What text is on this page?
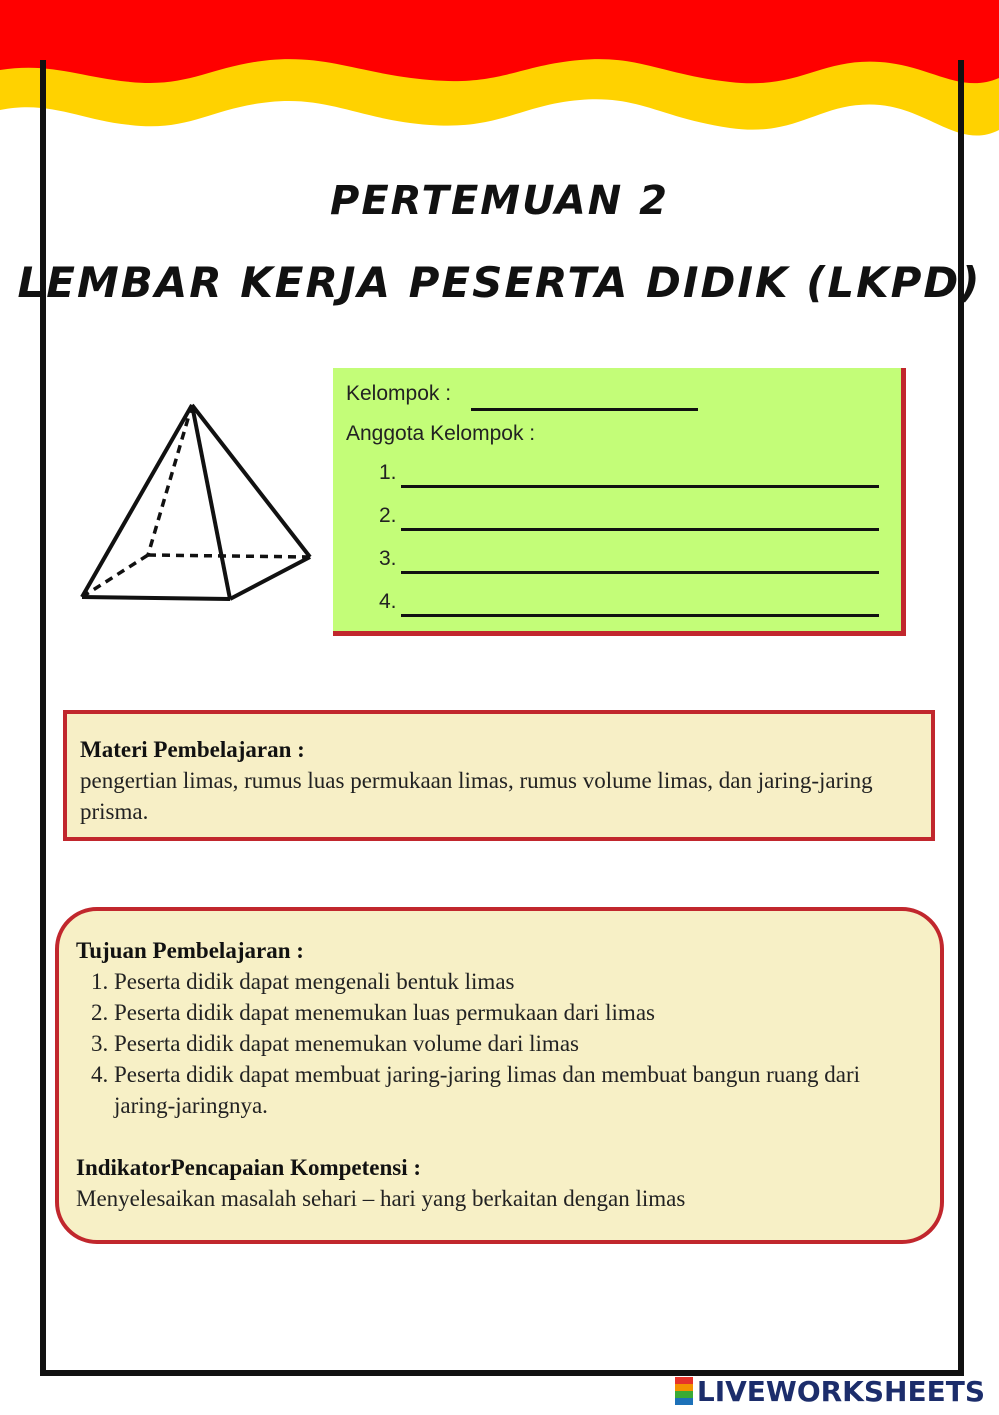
PERTEMUAN 2
LEMBAR KERJA PESERTA DIDIK (LKPD)
Kelompok :
Anggota Kelompok :
1.
2.
3.
4.
Materi Pembelajaran :
pengertian limas, rumus luas permukaan limas, rumus volume limas, dan jaring-jaring prisma.
Tujuan Pembelajaran :
1. Peserta didik dapat mengenali bentuk limas
2. Peserta didik dapat menemukan luas permukaan dari limas
3. Peserta didik dapat menemukan volume dari limas
4. Peserta didik dapat membuat jaring-jaring limas dan membuat bangun ruang dari jaring-jaringnya.
IndikatorPencapaian Kompetensi :
Menyelesaikan masalah sehari – hari yang berkaitan dengan limas
LIVEWORKSHEETS
